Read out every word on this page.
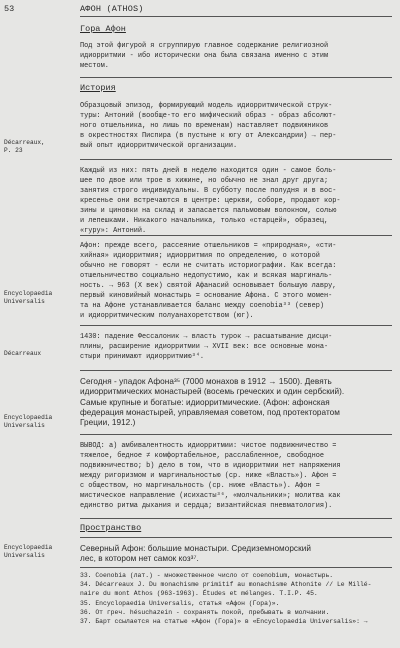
53	АФОН (ATHOS)
Гора Афон
Под этой фигурой я сгруппирую главное содержание религиозной
идиорритмии - ибо исторически она была связана именно с этим
местом.
История
Образцовый эпизод, формирующий модель идиорритмической струк-
туры: Антоний (вообще-то его мифический образ - образ абсолют-
ного отшельника, но лишь по временам) наставляет подвижников
в окрестностях Писпира (в пустыне к югу от Александрии) → пер-
вый опыт идиорритмической организации.
Décarreaux,
P. 23
Каждый из них: пять дней в неделю находится один - самое боль-
шее по двое или трое в хижине, но обычно не знал друг друга;
занятия строго индивидуальны. В субботу после полудня и в вос-
кресенье они встречаются в центре: церкви, соборе, продают кор-
зины и циновки на склад и запасается пальмовым волокном, солью
и лепешками. Никакого начальника, только «старцей», образец,
«гуру»: Антоний.
Афон: прежде всего, рассеяние отшельников = «природная», «сти-
хийная» идиорритмия; идиорритмия по определению, о которой
обычно не говорят - если не считать историографии. Как всегда:
отшельничество социально недопустимо, как и всякая маргиналь-
ность. → 963 (X век) святой Афанасий основывает большую лавру,
первый киновийный монастырь = основание Афона. С этого момен-
та на Афоне устанавливается баланс между coenobia³³ (север)
и идиорритмическим полуанахоретством (юг).
Encyclopaedia
Universalis
1430: падение Фессалоник → власть турок → расшатывание дисци-
плины, расширение идиорритмии → XVII век: все основные мона-
стыри принимают идиорритмию³⁴.
Décarreaux
Сегодня - упадок Афона³⁵ (7000 монахов в 1912 → 1500). Девять
идиорритмических монастырей (восемь греческих и один сербский).
Самые крупные и богатые: идиорритмические. (Афон: афонская
федерация монастырей, управляемая советом, под протекторатом
Греции, 1912.)
Encyclopaedia
Universalis
ВЫВОД: a) амбивалентность идиорритмии: чистое подвижничество =
тяжелое, бедное ≠ комфортабельное, расслабленное, свободное
подвижничество; b) дело в том, что в идиорритмии нет напряжения
между ригоризмом и маргинальностью (ср. ниже «Власть»). Афон =
с обществом, но маргинальность (ср. ниже «Власть»). Афон =
мистическое направление (исихасты³⁶, «молчальники»; молитва как
единство ритма дыхания и сердца; византийская пневматология).
Пространство
Северный Афон: большие монастыри. Средиземноморский
лес, в котором нет самок коз³⁷.
Encyclopaedia
Universalis
33. Coenobia (лат.) - множественное число от coenobium, монастырь.
34. Décarreaux J. Du monachisme primitif au monachisme Athonite // Le Millé-
naire du mont Athos (963-1963). Études et mélanges. T.I.P. 45.
35. Encyclopaedia Universalis, статья «Афон (Гора)».
36. От греч. hésuchazein - сохранять покой, пребывать в молчании.
37. Барт ссылается на статью «Афон (Гора)» в «Encyclopaedia Universalis»: →
